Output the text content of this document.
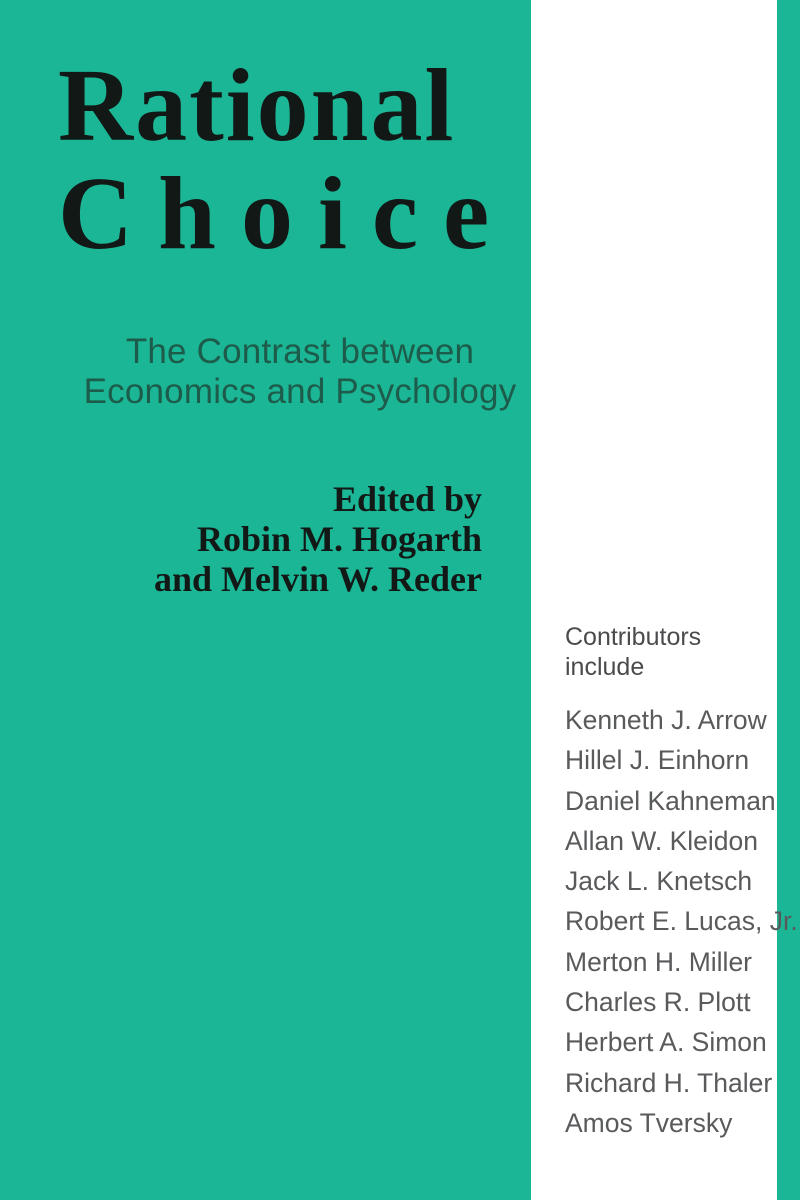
Rational
Choice
The Contrast between
Economics and Psychology
Edited by
Robin M. Hogarth
and Melvin W. Reder
Contributors
include
Kenneth J. Arrow
Hillel J. Einhorn
Daniel Kahneman
Allan W. Kleidon
Jack L. Knetsch
Robert E. Lucas, Jr.
Merton H. Miller
Charles R. Plott
Herbert A. Simon
Richard H. Thaler
Amos Tversky
